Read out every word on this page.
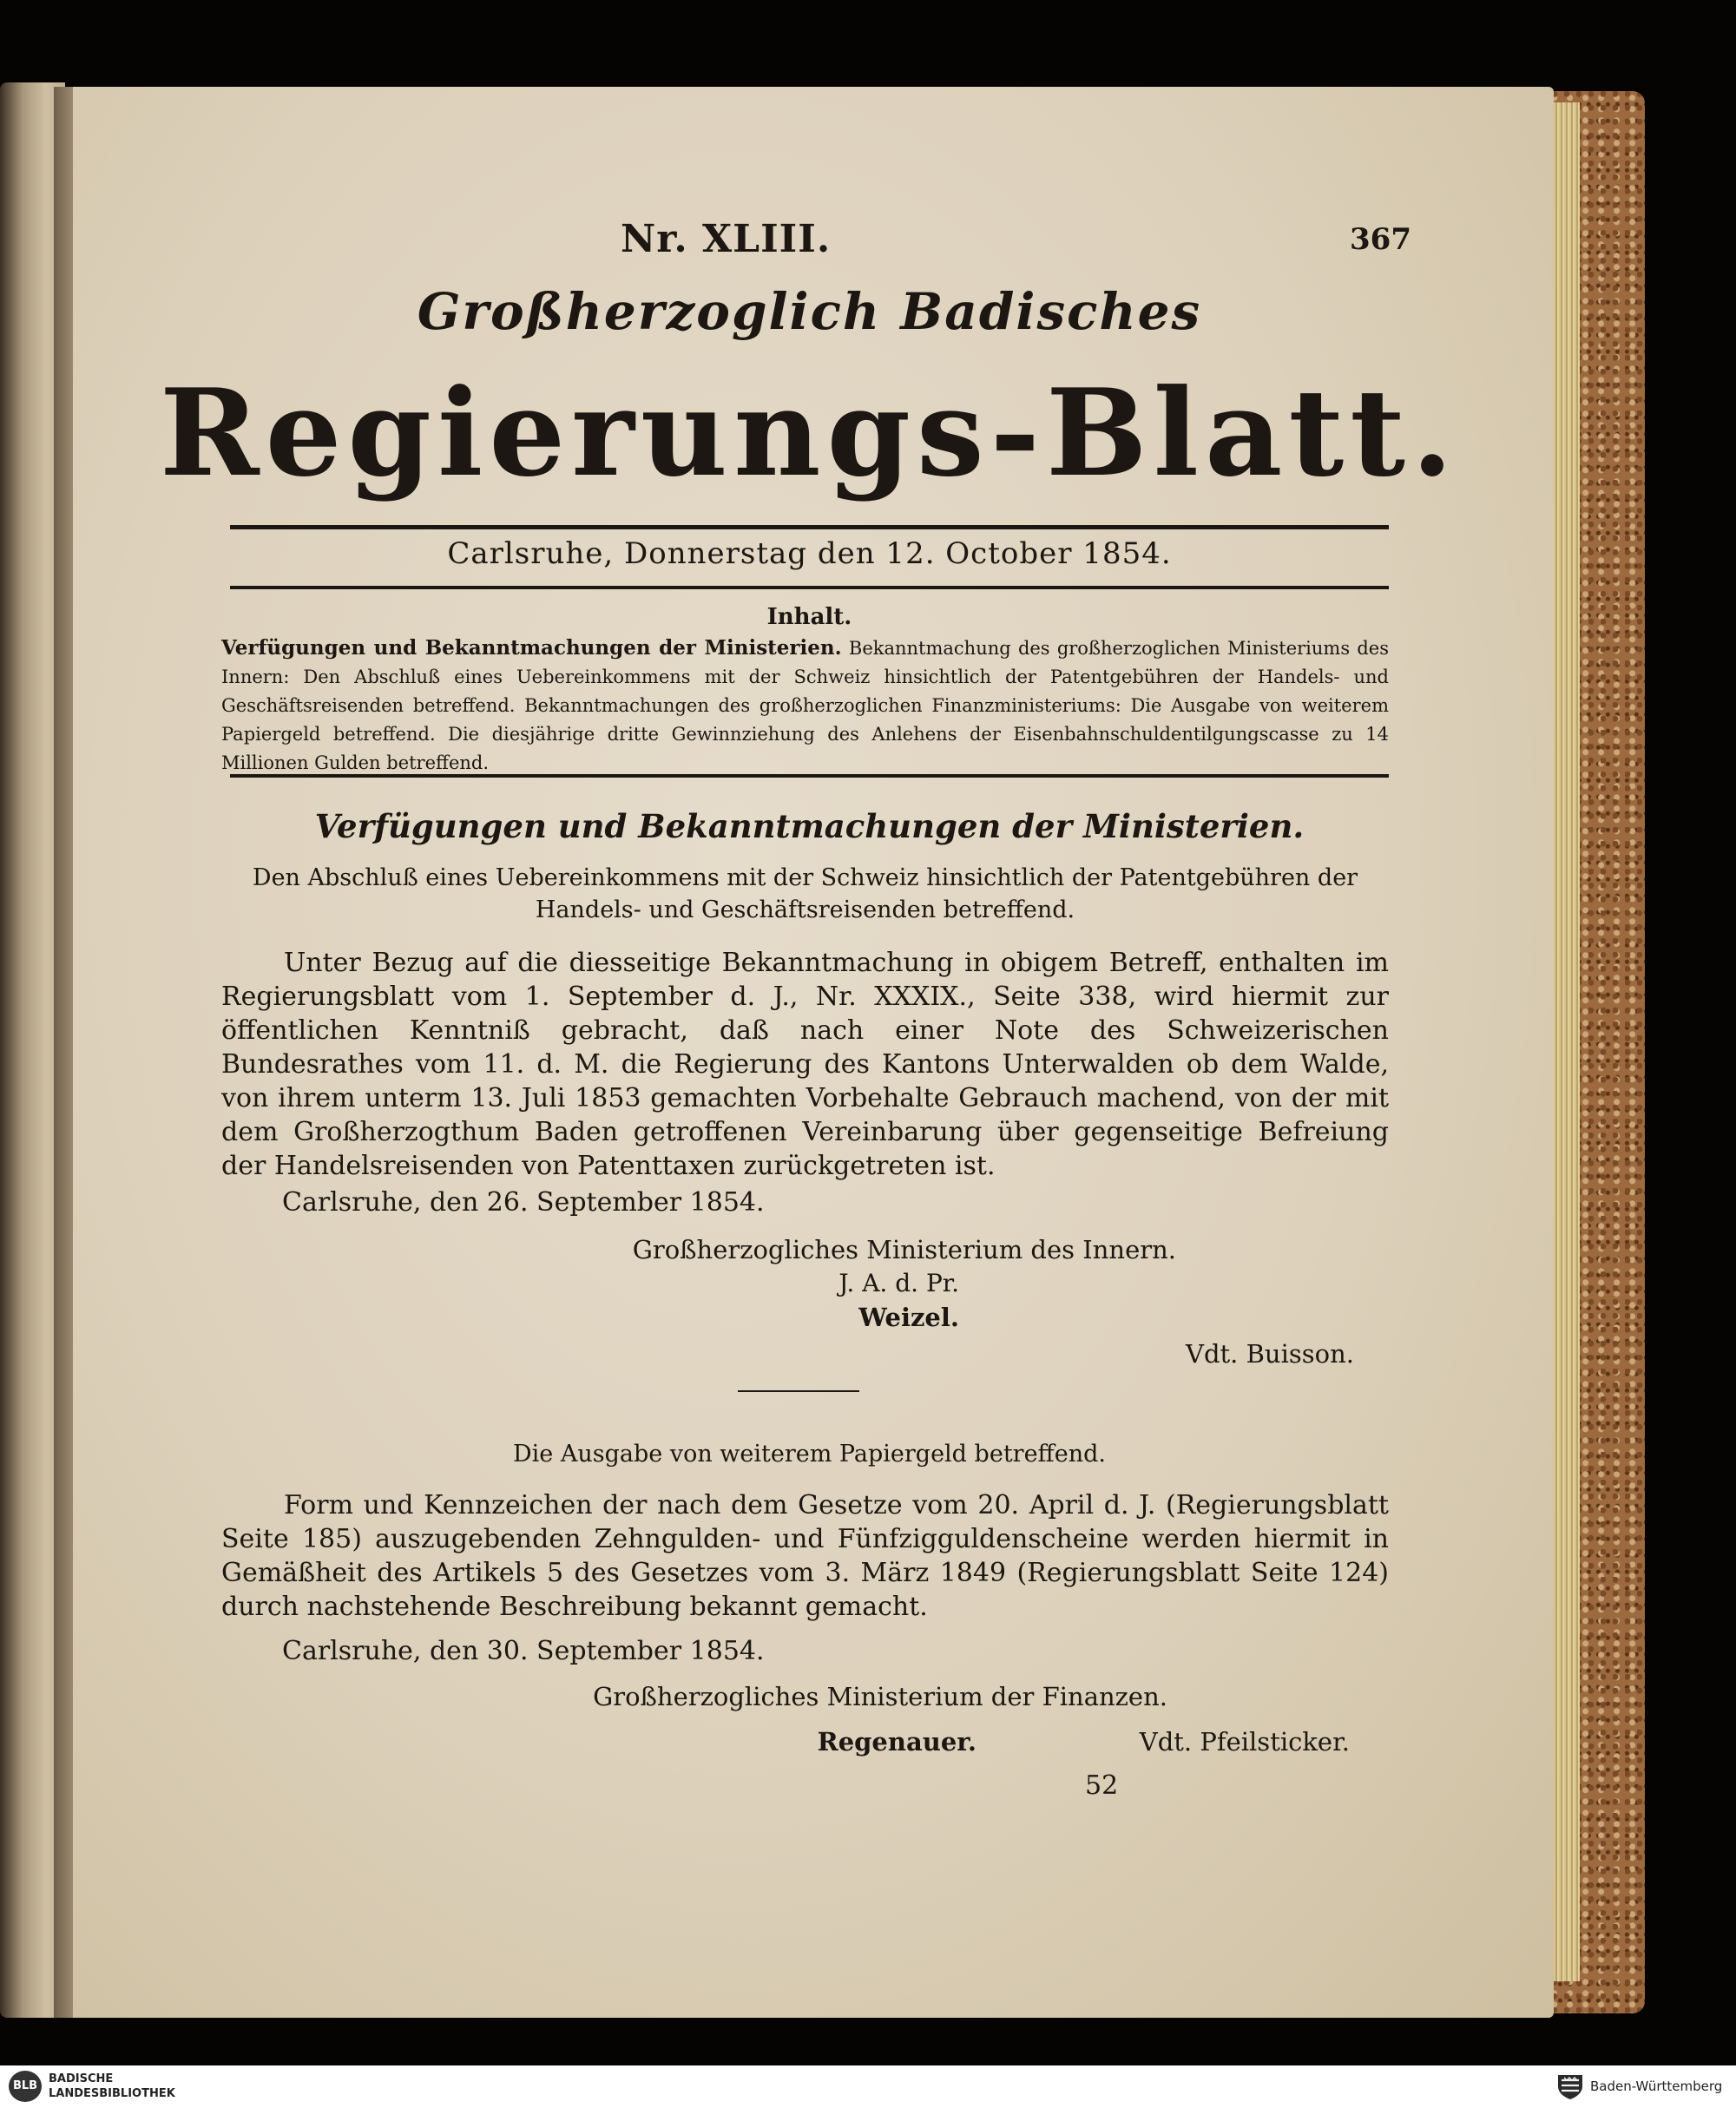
Nr. XLIII.	367
Großherzoglich Badisches
Regierungs-Blatt.
Carlsruhe, Donnerstag den 12. October 1854.
Inhalt.
Verfügungen und Bekanntmachungen der Ministerien. Bekanntmachung des großherzoglichen Ministeriums des Innern: Den Abschluß eines Uebereinkommens mit der Schweiz hinsichtlich der Patentgebühren der Handels- und Geschäftsreisenden betreffend. Bekanntmachungen des großherzoglichen Finanzministeriums: Die Ausgabe von weiterem Papiergeld betreffend. Die diesjährige dritte Gewinnziehung des Anlehens der Eisenbahnschuldentilgungscasse zu 14 Millionen Gulden betreffend.
Verfügungen und Bekanntmachungen der Ministerien.
Den Abschluß eines Uebereinkommens mit der Schweiz hinsichtlich der Patentgebühren der Handels- und Geschäftsreisenden betreffend.
Unter Bezug auf die diesseitige Bekanntmachung in obigem Betreff, enthalten im Regierungsblatt vom 1. September d. J., Nr. XXXIX., Seite 338, wird hiermit zur öffentlichen Kenntniß gebracht, daß nach einer Note des Schweizerischen Bundesrathes vom 11. d. M. die Regierung des Kantons Unterwalden ob dem Walde, von ihrem unterm 13. Juli 1853 gemachten Vorbehalte Gebrauch machend, von der mit dem Großherzogthum Baden getroffenen Vereinbarung über gegenseitige Befreiung der Handelsreisenden von Patenttaxen zurückgetreten ist.
Carlsruhe, den 26. September 1854.
Großherzogliches Ministerium des Innern.
J. A. d. Pr.
Weizel.
Vdt. Buisson.
Die Ausgabe von weiterem Papiergeld betreffend.
Form und Kennzeichen der nach dem Gesetze vom 20. April d. J. (Regierungsblatt Seite 185) auszugebenden Zehngulden- und Fünfzigguldenscheine werden hiermit in Gemäßheit des Artikels 5 des Gesetzes vom 3. März 1849 (Regierungsblatt Seite 124) durch nachstehende Beschreibung bekannt gemacht.
Carlsruhe, den 30. September 1854.
Großherzogliches Ministerium der Finanzen.
Regenauer.	Vdt. Pfeilsticker.
52
BLB
BADISCHE
LANDESBIBLIOTHEK	Baden-Württemberg
